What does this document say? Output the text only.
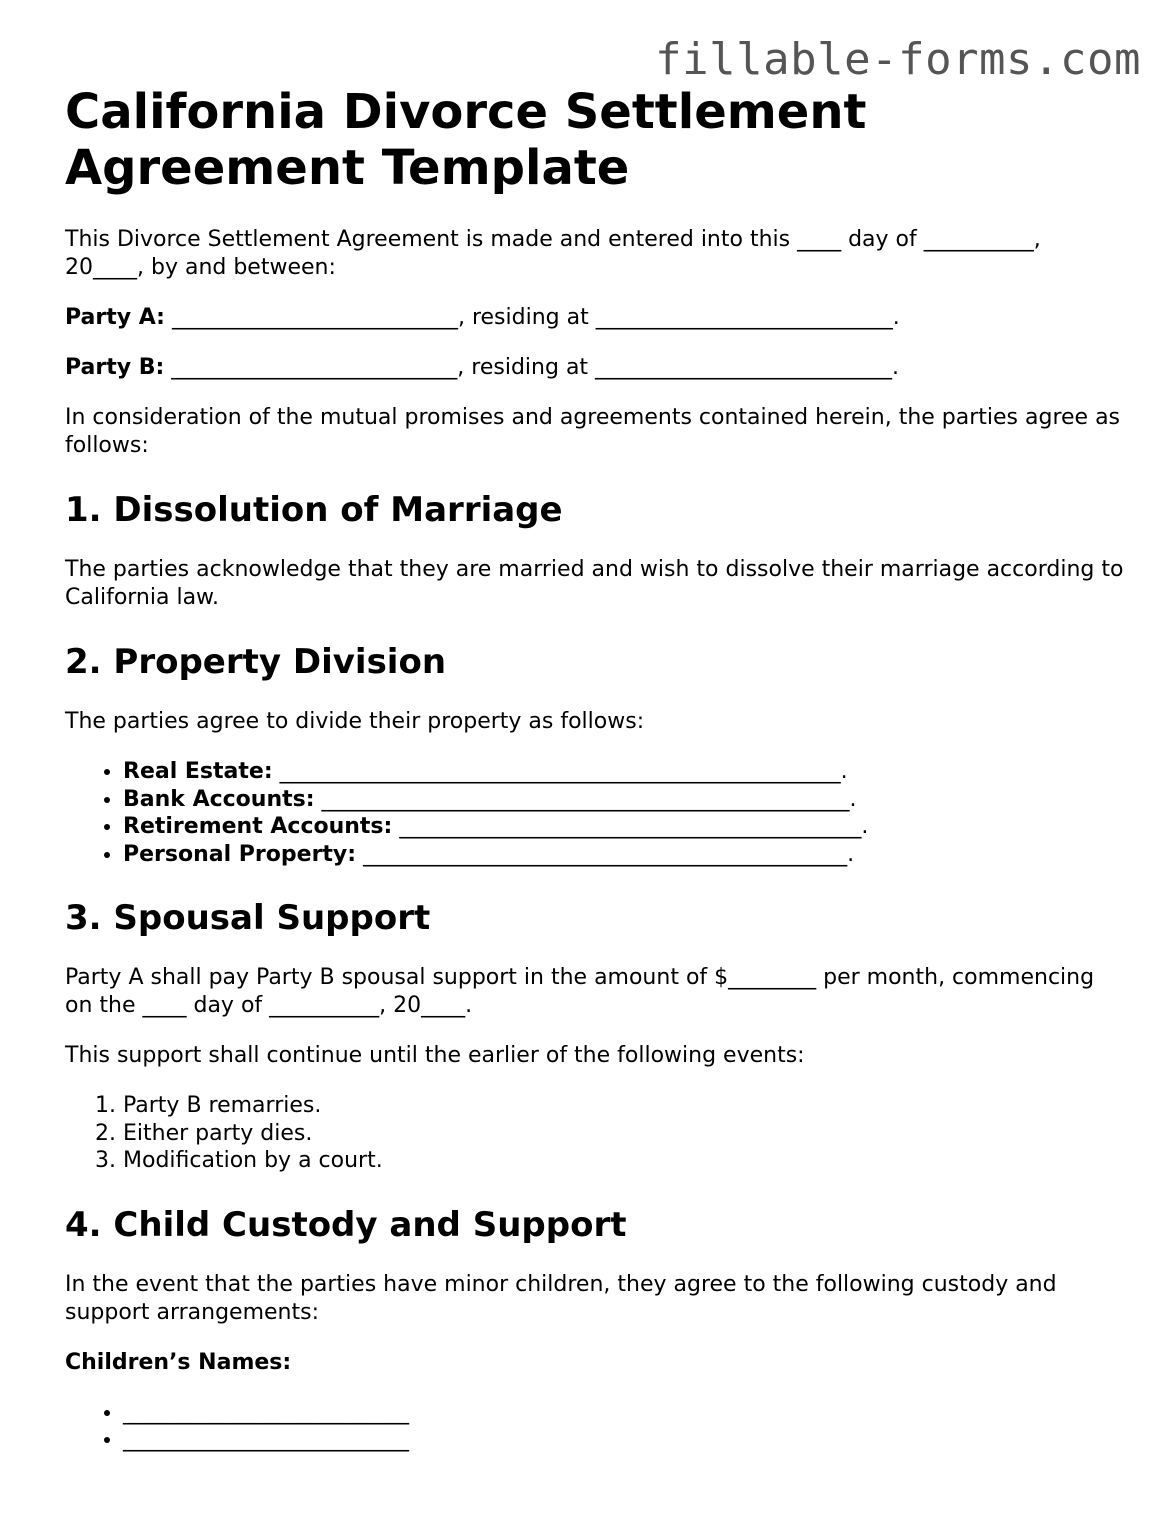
fillable-forms.com
California Divorce Settlement Agreement Template

This Divorce Settlement Agreement is made and entered into this ____ day of __________, 20____, by and between:

Party A: __________________________, residing at ___________________________.

Party B: __________________________, residing at ___________________________.

In consideration of the mutual promises and agreements contained herein, the parties agree as follows:

1. Dissolution of Marriage

The parties acknowledge that they are married and wish to dissolve their marriage according to California law.

2. Property Division

The parties agree to divide their property as follows:

• Real Estate: ___________________________________________________.
• Bank Accounts: ________________________________________________.
• Retirement Accounts: __________________________________________.
• Personal Property: ____________________________________________.
3. Spousal Support

Party A shall pay Party B spousal support in the amount of $________ per month, commencing on the ____ day of __________, 20____.

This support shall continue until the earlier of the following events:

1. Party B remarries.
2. Either party dies.
3. Modification by a court.
4. Child Custody and Support

In the event that the parties have minor children, they agree to the following custody and support arrangements:

Children’s Names:

• __________________________
• __________________________
